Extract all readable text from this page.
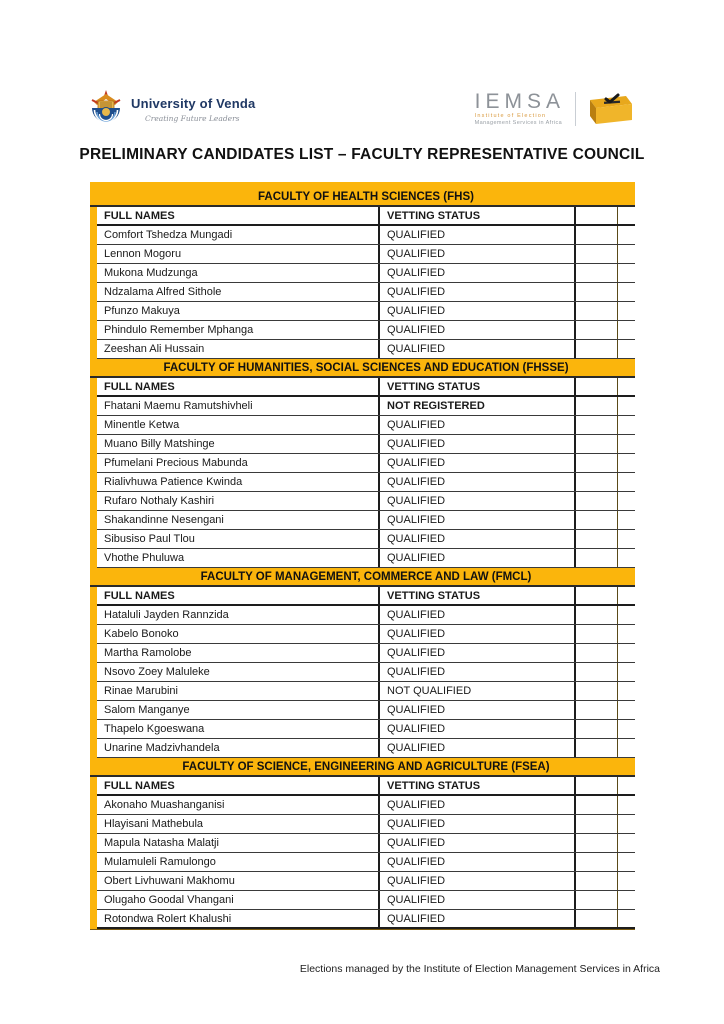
University of Venda
Creating Future Leaders
IEMSA
Institute of Election
Management Services in Africa
PRELIMINARY CANDIDATES LIST – FACULTY REPRESENTATIVE COUNCIL
FACULTY OF HEALTH SCIENCES (FHS)
FULL NAMES	VETTING STATUS
Comfort Tshedza Mungadi	QUALIFIED
Lennon Mogoru	QUALIFIED
Mukona Mudzunga	QUALIFIED
Ndzalama Alfred Sithole	QUALIFIED
Pfunzo Makuya	QUALIFIED
Phindulo Remember Mphanga	QUALIFIED
Zeeshan Ali Hussain	QUALIFIED
FACULTY OF HUMANITIES, SOCIAL SCIENCES AND EDUCATION (FHSSE)
FULL NAMES	VETTING STATUS
Fhatani Maemu Ramutshivheli	NOT REGISTERED
Minentle Ketwa	QUALIFIED
Muano Billy Matshinge	QUALIFIED
Pfumelani Precious Mabunda	QUALIFIED
Rialivhuwa Patience Kwinda	QUALIFIED
Rufaro Nothaly Kashiri	QUALIFIED
Shakandinne Nesengani	QUALIFIED
Sibusiso Paul Tlou	QUALIFIED
Vhothe Phuluwa	QUALIFIED
FACULTY OF MANAGEMENT, COMMERCE AND LAW (FMCL)
FULL NAMES	VETTING STATUS
Hataluli Jayden Rannzida	QUALIFIED
Kabelo Bonoko	QUALIFIED
Martha Ramolobe	QUALIFIED
Nsovo Zoey Maluleke	QUALIFIED
Rinae Marubini	NOT QUALIFIED
Salom Manganye	QUALIFIED
Thapelo Kgoeswana	QUALIFIED
Unarine Madzivhandela	QUALIFIED
FACULTY OF SCIENCE, ENGINEERING AND AGRICULTURE (FSEA)
FULL NAMES	VETTING STATUS
Akonaho Muashanganisi	QUALIFIED
Hlayisani Mathebula	QUALIFIED
Mapula Natasha Malatji	QUALIFIED
Mulamuleli Ramulongo	QUALIFIED
Obert Livhuwani Makhomu	QUALIFIED
Olugaho Goodal Vhangani	QUALIFIED
Rotondwa Rolert Khalushi	QUALIFIED
Elections managed by the Institute of Election Management Services in Africa
